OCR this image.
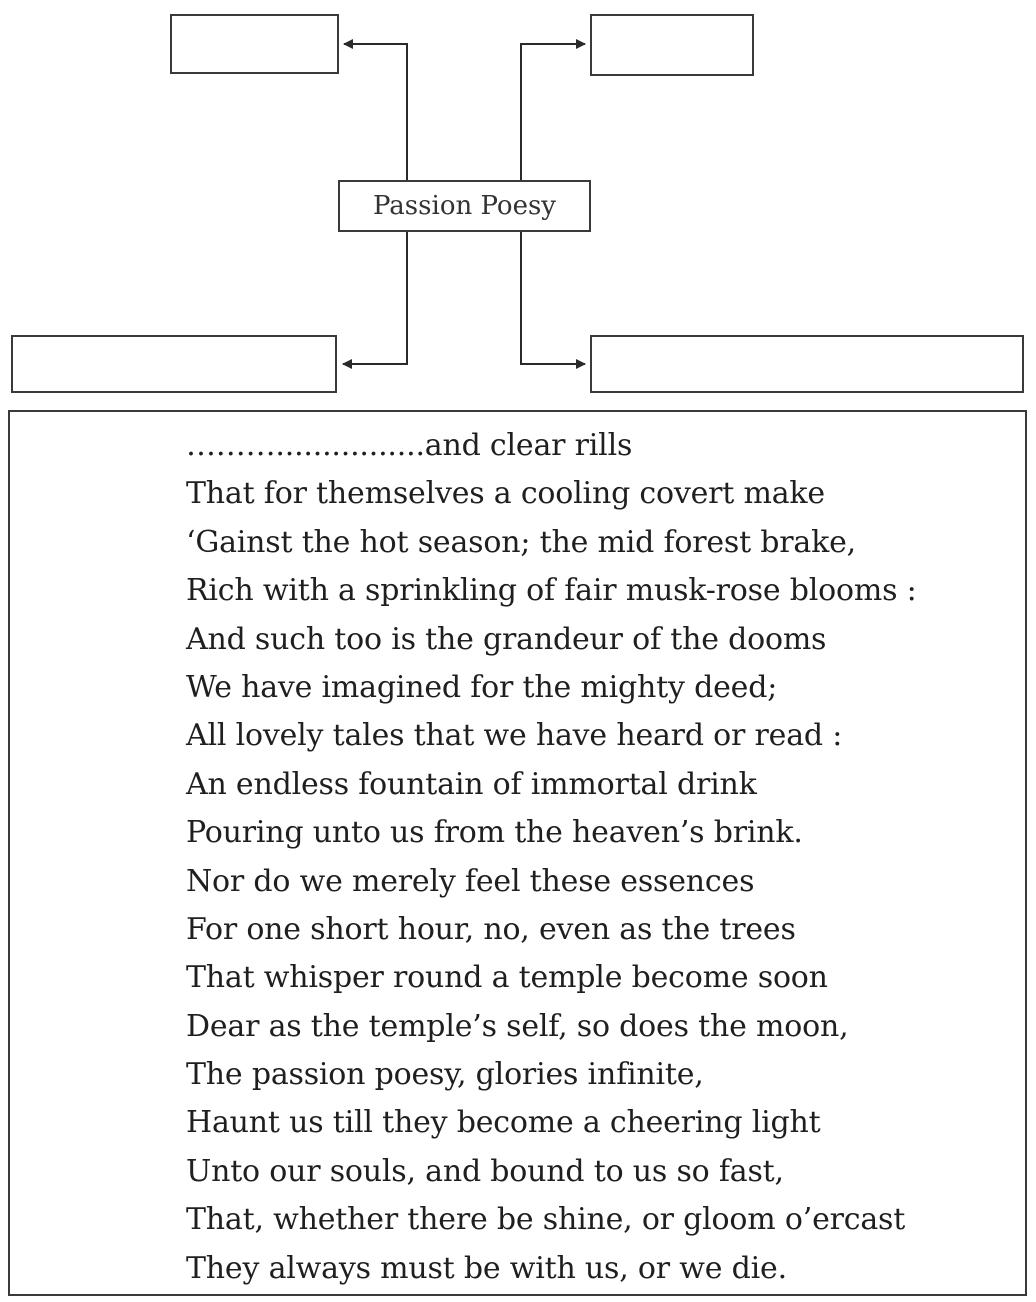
Passion Poesy
………................and clear rills
That for themselves a cooling covert make
‘Gainst the hot season; the mid forest brake,
Rich with a sprinkling of fair musk-rose blooms :
And such too is the grandeur of the dooms
We have imagined for the mighty deed;
All lovely tales that we have heard or read :
An endless fountain of immortal drink
Pouring unto us from the heaven’s brink.
Nor do we merely feel these essences
For one short hour, no, even as the trees
That whisper round a temple become soon
Dear as the temple’s self, so does the moon,
The passion poesy, glories infinite,
Haunt us till they become a cheering light
Unto our souls, and bound to us so fast,
That, whether there be shine, or gloom o’ercast
They always must be with us, or we die.
